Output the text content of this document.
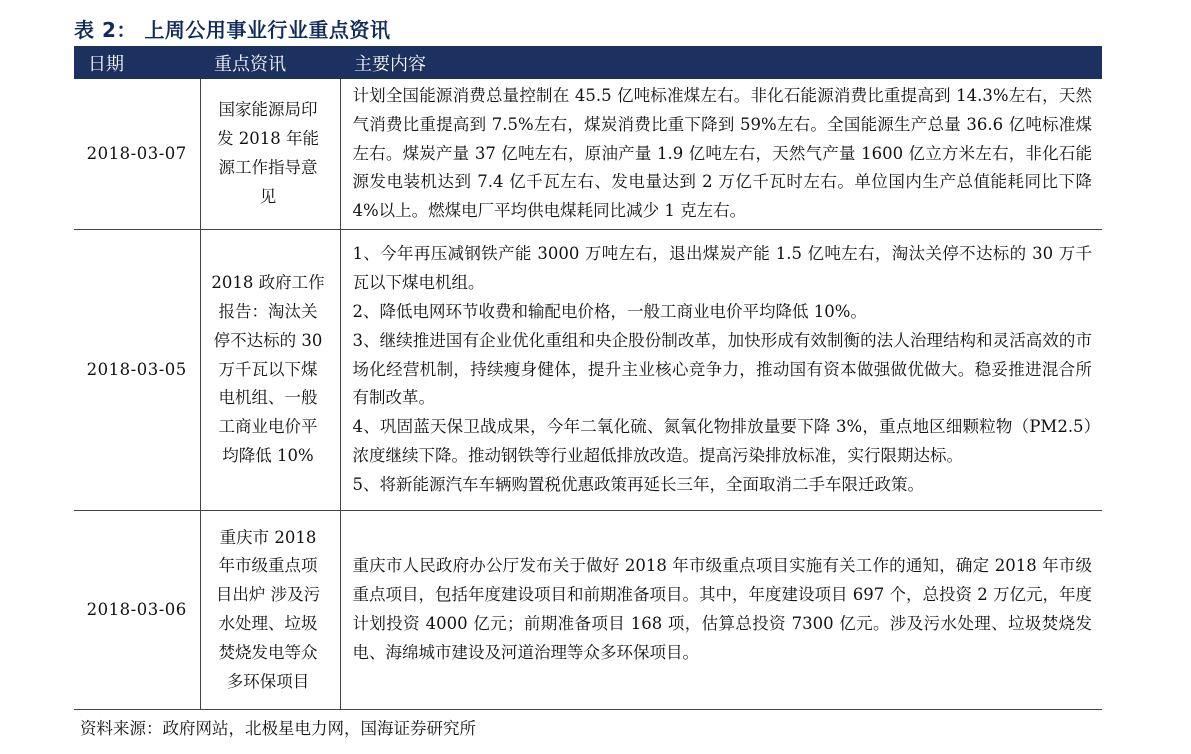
表 2： 上周公用事业行业重点资讯
日期	重点资讯	主要内容
2018-03-07	国家能源局印发 2018 年能源工作指导意见	计划全国能源消费总量控制在 45.5 亿吨标准煤左右。非化石能源消费比重提高到 14.3%左右，天然气消费比重提高到 7.5%左右，煤炭消费比重下降到 59%左右。全国能源生产总量 36.6 亿吨标准煤左右。煤炭产量 37 亿吨左右，原油产量 1.9 亿吨左右，天然气产量 1600 亿立方米左右，非化石能源发电装机达到 7.4 亿千瓦左右、发电量达到 2 万亿千瓦时左右。单位国内生产总值能耗同比下降 4%以上。燃煤电厂平均供电煤耗同比减少 1 克左右。

2018-03-05	2018 政府工作报告：淘汰关停不达标的 30 万千瓦以下煤电机组、一般工商业电价平均降低 10%	1、今年再压减钢铁产能 3000 万吨左右，退出煤炭产能 1.5 亿吨左右，淘汰关停不达标的 30 万千瓦以下煤电机组。

2、降低电网环节收费和输配电价格，一般工商业电价平均降低 10%。

3、继续推进国有企业优化重组和央企股份制改革，加快形成有效制衡的法人治理结构和灵活高效的市场化经营机制，持续瘦身健体，提升主业核心竞争力，推动国有资本做强做优做大。稳妥推进混合所有制改革。

4、巩固蓝天保卫战成果，今年二氧化硫、氮氧化物排放量要下降 3%，重点地区细颗粒物（PM2.5）浓度继续下降。推动钢铁等行业超低排放改造。提高污染排放标准，实行限期达标。

5、将新能源汽车车辆购置税优惠政策再延长三年，全面取消二手车限迁政策。

2018-03-06	重庆市 2018 年市级重点项目出炉 涉及污水处理、垃圾焚烧发电等众多环保项目	重庆市人民政府办公厅发布关于做好 2018 年市级重点项目实施有关工作的通知，确定 2018 年市级重点项目，包括年度建设项目和前期准备项目。其中，年度建设项目 697 个，总投资 2 万亿元，年度计划投资 4000 亿元；前期准备项目 168 项，估算总投资 7300 亿元。涉及污水处理、垃圾焚烧发电、海绵城市建设及河道治理等众多环保项目。

资料来源：政府网站，北极星电力网，国海证券研究所
